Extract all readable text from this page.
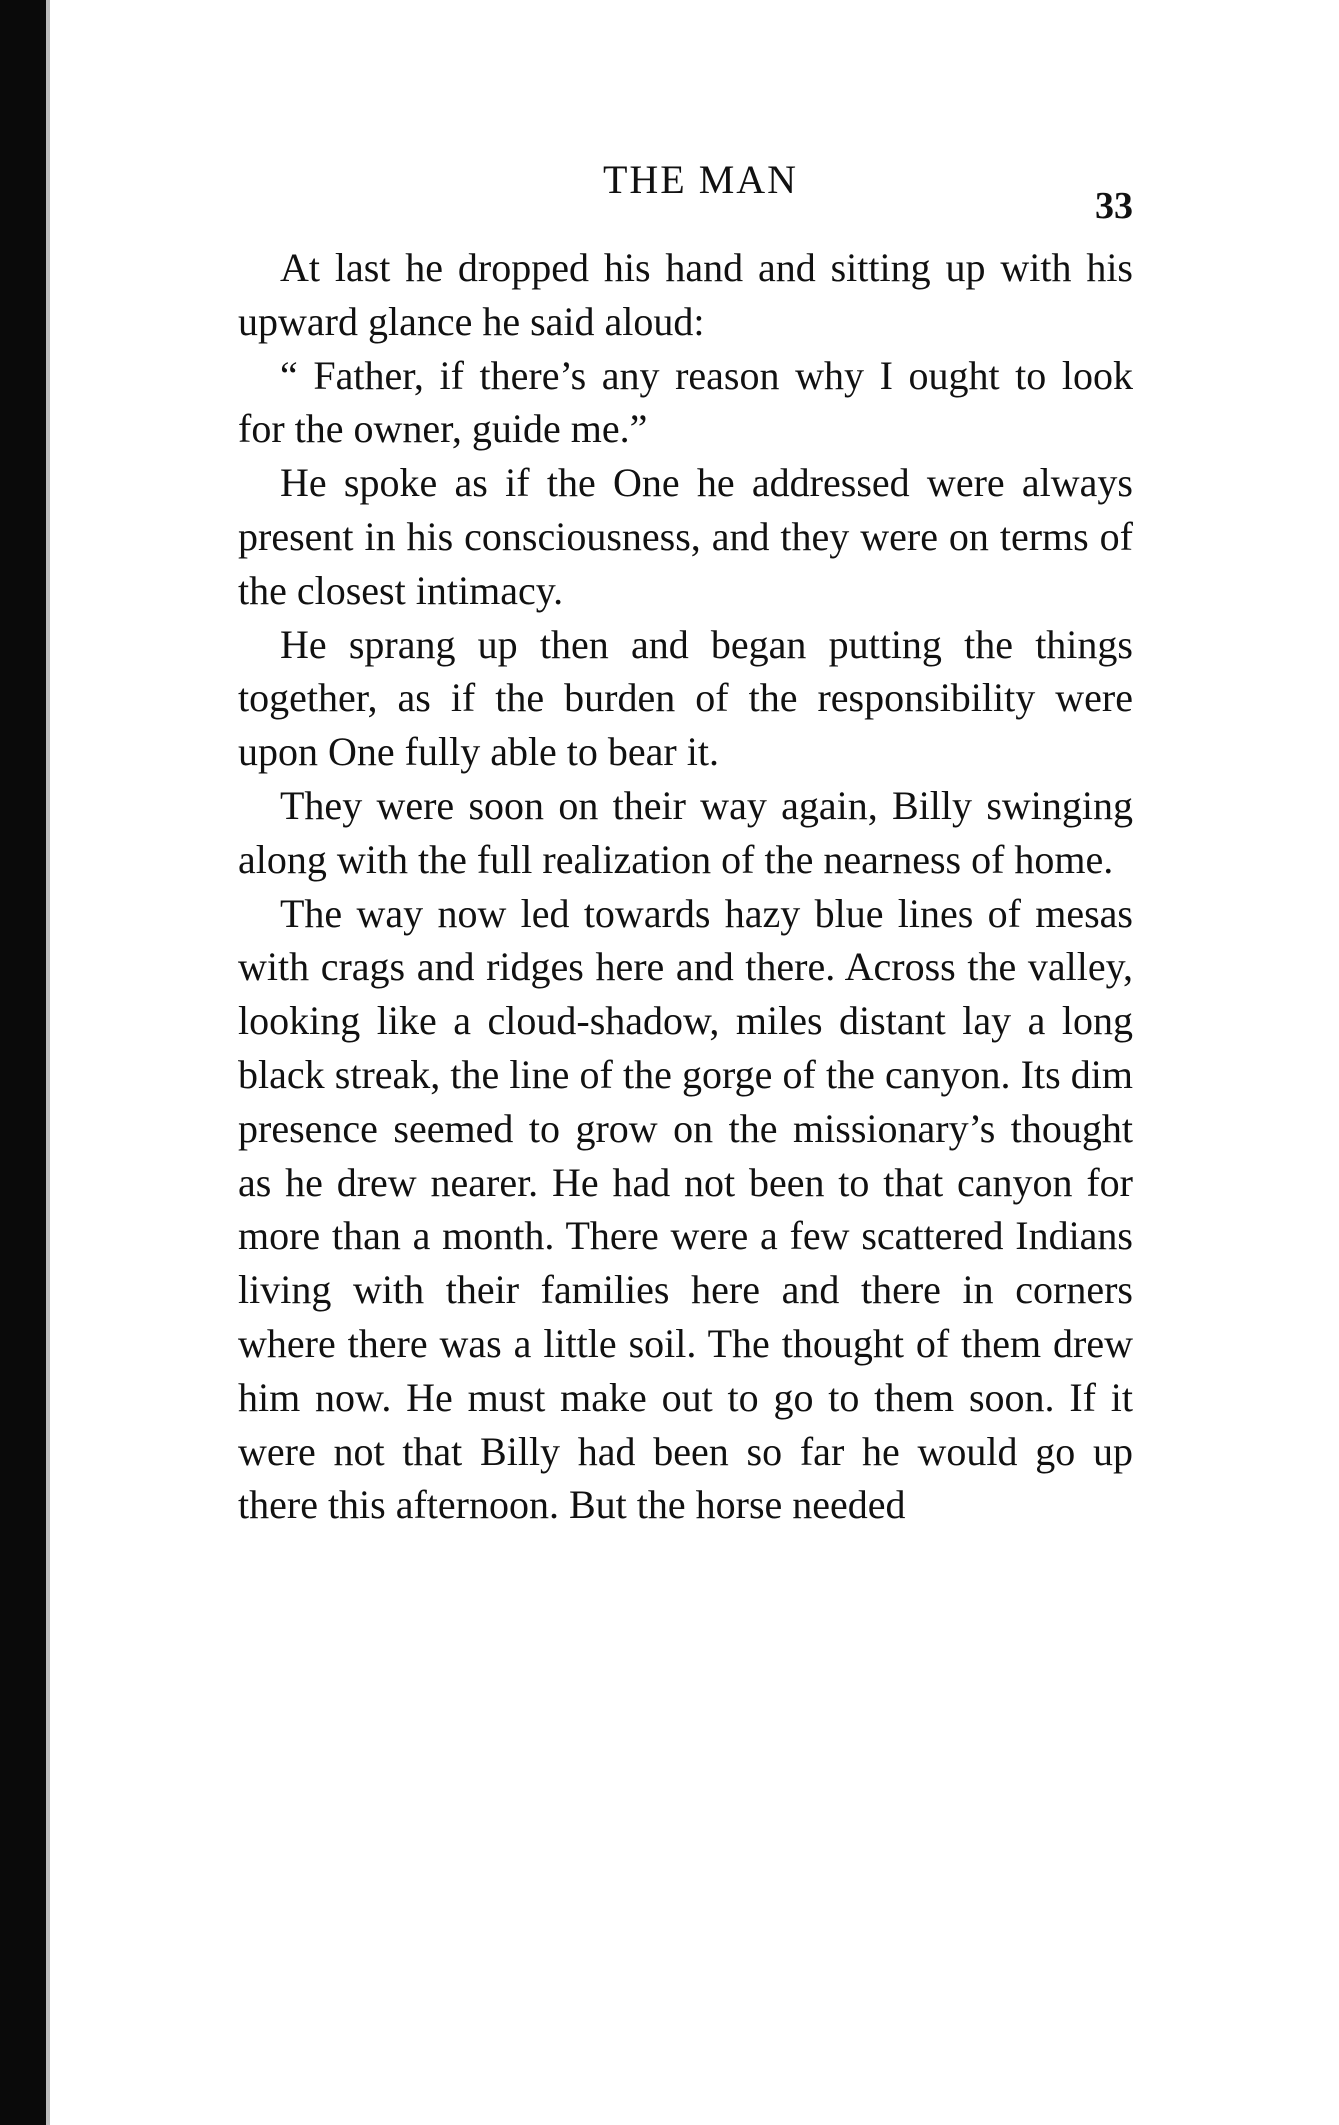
THE MAN
33

At last he dropped his hand and sitting up with his upward glance he said aloud:

“ Father, if there’s any reason why I ought to look for the owner, guide me.”

He spoke as if the One he addressed were always present in his consciousness, and they were on terms of the closest intimacy.

He sprang up then and began putting the things together, as if the burden of the responsibility were upon One fully able to bear it.

They were soon on their way again, Billy swinging along with the full realization of the nearness of home.

The way now led towards hazy blue lines of mesas with crags and ridges here and there. Across the valley, looking like a cloud-shadow, miles distant lay a long black streak, the line of the gorge of the canyon. Its dim presence seemed to grow on the missionary’s thought as he drew nearer. He had not been to that canyon for more than a month. There were a few scattered Indians living with their families here and there in corners where there was a little soil. The thought of them drew him now. He must make out to go to them soon. If it were not that Billy had been so far he would go up there this afternoon. But the horse needed
